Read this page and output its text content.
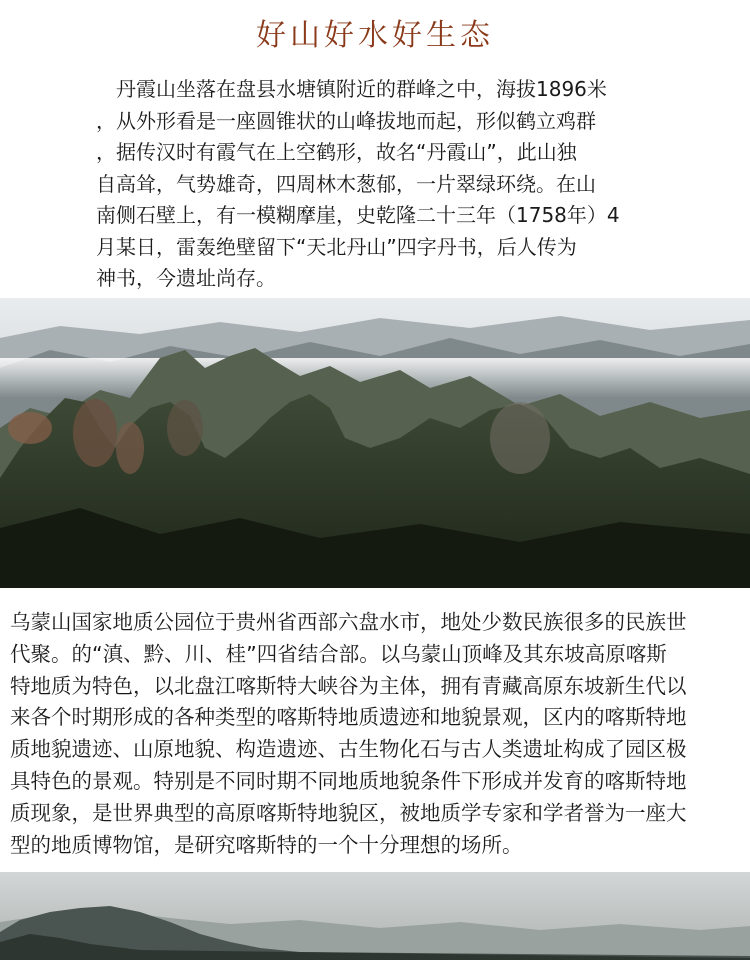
好山好水好生态
　丹霞山坐落在盘县水塘镇附近的群峰之中，海拔1896米
，从外形看是一座圆锥状的山峰拔地而起，形似鹤立鸡群
，据传汉时有霞气在上空鹤形，故名“丹霞山”，此山独
自高耸，气势雄奇，四周林木葱郁，一片翠绿环绕。在山
南侧石壁上，有一模糊摩崖，史乾隆二十三年（1758年）4
月某日，雷轰绝壁留下“天北丹山”四字丹书，后人传为
神书，今遗址尚存。
乌蒙山国家地质公园位于贵州省西部六盘水市，地处少数民族很多的民族世
代聚。的“滇、黔、川、桂”四省结合部。以乌蒙山顶峰及其东坡高原喀斯
特地质为特色，以北盘江喀斯特大峡谷为主体，拥有青藏高原东坡新生代以
来各个时期形成的各种类型的喀斯特地质遗迹和地貌景观，区内的喀斯特地
质地貌遗迹、山原地貌、构造遗迹、古生物化石与古人类遗址构成了园区极
具特色的景观。特别是不同时期不同地质地貌条件下形成并发育的喀斯特地
质现象，是世界典型的高原喀斯特地貌区，被地质学专家和学者誉为一座大
型的地质博物馆，是研究喀斯特的一个十分理想的场所。
